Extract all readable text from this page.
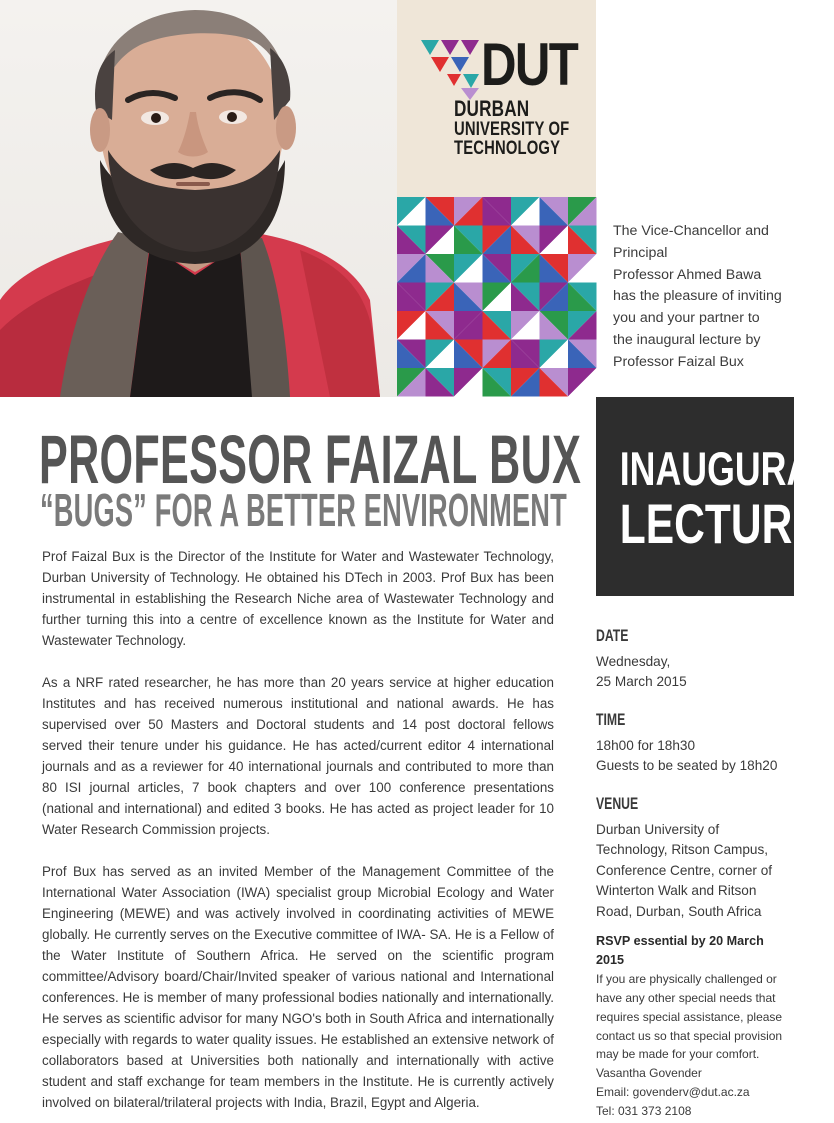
DUT
DURBAN
UNIVERSITY OF
TECHNOLOGY
The Vice-Chancellor and
Principal
Professor Ahmed Bawa
has the pleasure of inviting
you and your partner to
the inaugural lecture by
Professor Faizal Bux
INAUGURAL
LECTURE
PROFESSOR FAIZAL BUX
“BUGS” FOR A BETTER ENVIRONMENT

Prof Faizal Bux is the Director of the Institute for Water and Wastewater Technology, Durban University of Technology. He obtained his DTech in 2003. Prof Bux has been instrumental in establishing the Research Niche area of Wastewater Technology and further turning this into a centre of excellence known as the Institute for Water and Wastewater Technology.

As a NRF rated researcher, he has more than 20 years service at higher education Institutes and has received numerous institutional and national awards. He has supervised over 50 Masters and Doctoral students and 14 post doctoral fellows served their tenure under his guidance. He has acted/current editor 4 international journals and as a reviewer for 40 international journals and contributed to more than 80 ISI journal articles, 7 book chapters and over 100 conference presentations (national and international) and edited 3 books. He has acted as project leader for 10 Water Research Commission projects.

Prof Bux has served as an invited Member of the Management Committee of the International Water Association (IWA) specialist group Microbial Ecology and Water Engineering (MEWE) and was actively involved in coordinating activities of MEWE globally. He currently serves on the Executive committee of IWA- SA. He is a Fellow of the Water Institute of Southern Africa. He served on the scientific program committee/Advisory board/Chair/Invited speaker of various national and International conferences. He is member of many professional bodies nationally and internationally. He serves as scientific advisor for many NGO's both in South Africa and internationally especially with regards to water quality issues. He established an extensive network of collaborators based at Universities both nationally and internationally with active student and staff exchange for team members in the Institute. He is currently actively involved on bilateral/trilateral projects with India, Brazil, Egypt and Algeria.

DATE
Wednesday,
25 March 2015
TIME
18h00 for 18h30
Guests to be seated by 18h20
VENUE
Durban University of
Technology, Ritson Campus,
Conference Centre, corner of
Winterton Walk and Ritson
Road, Durban, South Africa
RSVP essential by 20 March 2015
If you are physically challenged or
have any other special needs that
requires special assistance, please
contact us so that special provision
may be made for your comfort.
Vasantha Govender
Email: govenderv@dut.ac.za
Tel: 031 373 2108
